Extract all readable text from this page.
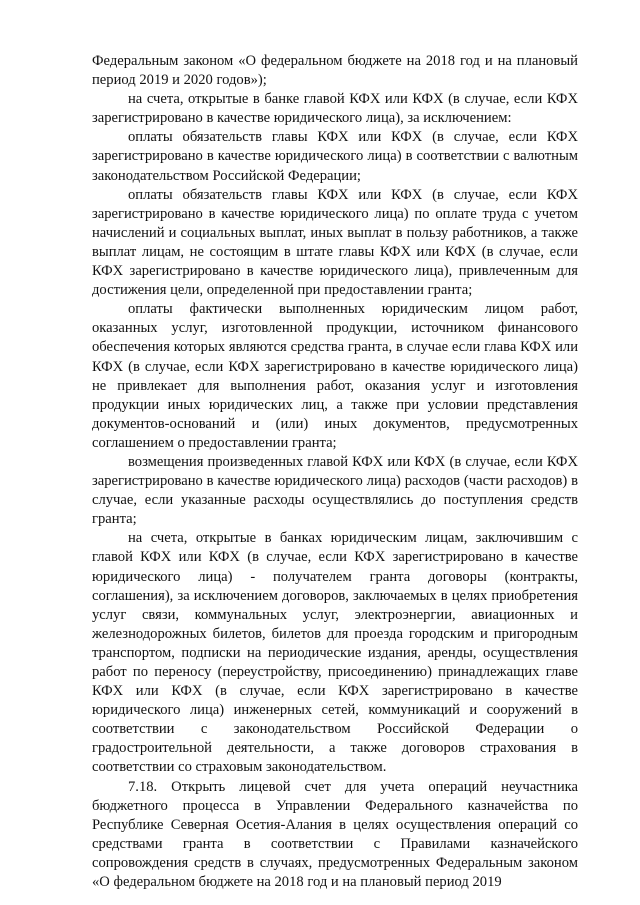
Федеральным законом «О федеральном бюджете на 2018 год и на плановый период 2019 и 2020 годов»);

на счета, открытые в банке главой КФХ или КФХ (в случае, если КФХ зарегистрировано в качестве юридического лица), за исключением:

оплаты обязательств главы КФХ или КФХ (в случае, если КФХ зарегистрировано в качестве юридического лица) в соответствии с валютным законодательством Российской Федерации;

оплаты обязательств главы КФХ или КФХ (в случае, если КФХ зарегистрировано в качестве юридического лица) по оплате труда с учетом начислений и социальных выплат, иных выплат в пользу работников, а также выплат лицам, не состоящим в штате главы КФХ или КФХ (в случае, если КФХ зарегистрировано в качестве юридического лица), привлеченным для достижения цели, определенной при предоставлении гранта;

оплаты фактически выполненных юридическим лицом работ, оказанных услуг, изготовленной продукции, источником финансового обеспечения которых являются средства гранта, в случае если глава КФХ или КФХ (в случае, если КФХ зарегистрировано в качестве юридического лица) не привлекает для выполнения работ, оказания услуг и изготовления продукции иных юридических лиц, а также при условии представления документов-оснований и (или) иных документов, предусмотренных соглашением о предоставлении гранта;

возмещения произведенных главой КФХ или КФХ (в случае, если КФХ зарегистрировано в качестве юридического лица) расходов (части расходов) в случае, если указанные расходы осуществлялись до поступления средств гранта;

на счета, открытые в банках юридическим лицам, заключившим с главой КФХ или КФХ (в случае, если КФХ зарегистрировано в качестве юридического лица) - получателем гранта договоры (контракты, соглашения), за исключением договоров, заключаемых в целях приобретения услуг связи, коммунальных услуг, электроэнергии, авиационных и железнодорожных билетов, билетов для проезда городским и пригородным транспортом, подписки на периодические издания, аренды, осуществления работ по переносу (переустройству, присоединению) принадлежащих главе КФХ или КФХ (в случае, если КФХ зарегистрировано в качестве юридического лица) инженерных сетей, коммуникаций и сооружений в соответствии с законодательством Российской Федерации о градостроительной деятельности, а также договоров страхования в соответствии со страховым законодательством.

7.18. Открыть лицевой счет для учета операций неучастника бюджетного процесса в Управлении Федерального казначейства по Республике Северная Осетия-Алания в целях осуществления операций со средствами гранта в соответствии с Правилами казначейского сопровождения средств в случаях, предусмотренных Федеральным законом «О федеральном бюджете на 2018 год и на плановый период 2019
